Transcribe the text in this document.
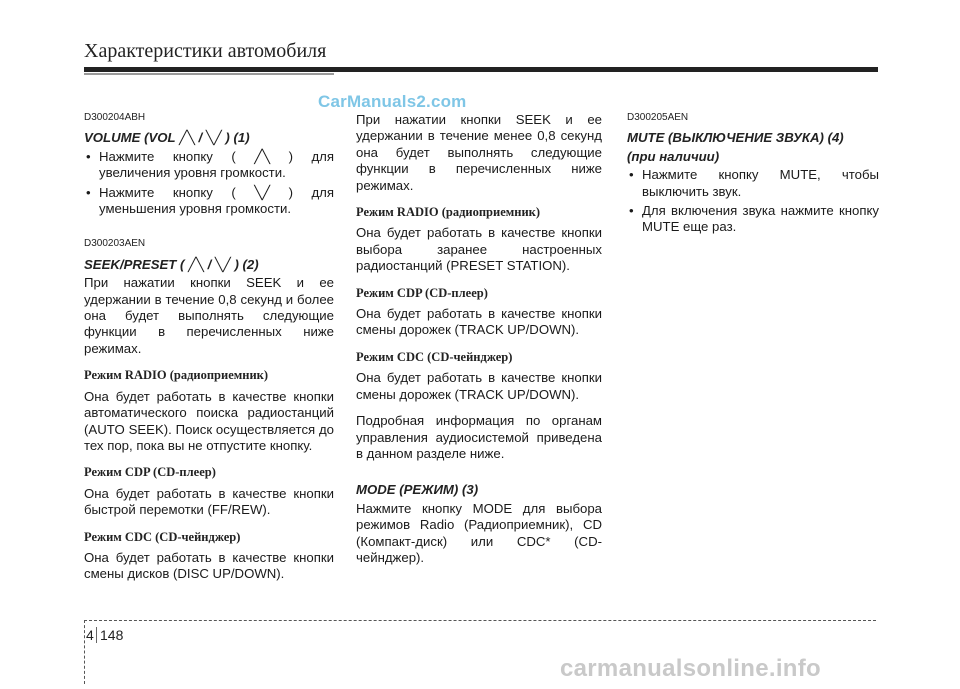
Характеристики автомобиля
CarManuals2.com
D300204ABH
VOLUME (VOL ╱╲ / ╲╱ ) (1)
• Нажмите кнопку ( ╱╲ ) для увеличения уровня громкости.
• Нажмите кнопку ( ╲╱ ) для уменьшения уровня громкости.
D300203AEN
SEEK/PRESET ( ╱╲ / ╲╱ ) (2)
При нажатии кнопки SEEK и ее удержании в течение 0,8 секунд и более она будет выполнять следующие функции в перечисленных ниже режимах.
Режим RADIO (радиоприемник)
Она будет работать в качестве кнопки автоматического поиска радиостанций (AUTO SEEK). Поиск осуществляется до тех пор, пока вы не отпустите кнопку.
Режим CDP (CD-плеер)
Она будет работать в качестве кнопки быстрой перемотки (FF/REW).
Режим CDC (CD-чейнджер)
Она будет работать в качестве кнопки смены дисков (DISC UP/DOWN).
При нажатии кнопки SEEK и ее удержании в течение менее 0,8 секунд она будет выполнять следующие функции в перечисленных ниже режимах.
Режим RADIO (радиоприемник)
Она будет работать в качестве кнопки выбора заранее настроенных радиостанций (PRESET STATION).
Режим CDP (CD-плеер)
Она будет работать в качестве кнопки смены дорожек (TRACK UP/DOWN).
Режим CDC (CD-чейнджер)
Она будет работать в качестве кнопки смены дорожек (TRACK UP/DOWN).
Подробная информация по органам управления аудиосистемой приведена в данном разделе ниже.
MODE (РЕЖИМ) (3)
Нажмите кнопку MODE для выбора режимов Radio (Радиоприемник), CD (Компакт-диск) или CDC* (CD-чейнджер).
D300205AEN
MUTE (ВЫКЛЮЧЕНИЕ ЗВУКА) (4)
(при наличии)
• Нажмите кнопку MUTE, чтобы выключить звук.
• Для включения звука нажмите кнопку MUTE еще раз.
4 148
carmanualsonline.info
